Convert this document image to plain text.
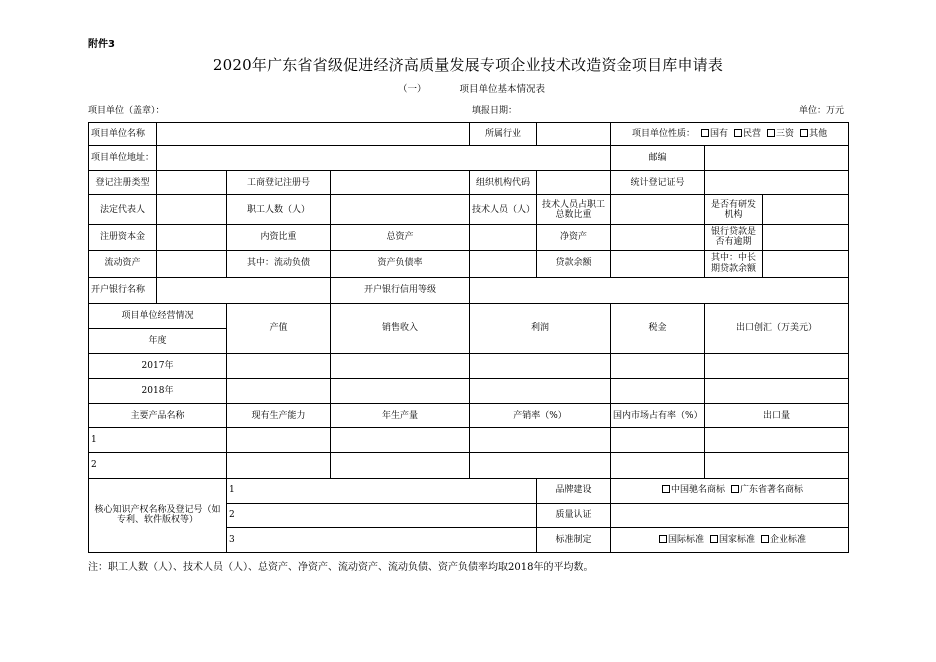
附件3
2020年广东省省级促进经济高质量发展专项企业技术改造资金项目库申请表
（一）	项目单位基本情况表
项目单位（盖章）：	填报日期：	单位：万元
项目单位名称				所属行业		项目单位性质： 国有 民营 三资 其他		
项目单位地址：						邮编		
登记注册类型		工商登记注册号		组织机构代码		统计登记证号		
法定代表人		职工人数（人）		技术人员（人）	技术人员占职工总数比重		是否有研发机构	
注册资本金		内资比重	总资产		净资产		银行贷款是否有逾期	
流动资产		其中：流动负债	资产负债率		贷款余额		其中：中长期贷款余额	
开户银行名称			开户银行信用等级					
项目单位经营情况		产值	销售收入	利润		税金	出口创汇（万美元）	
年度								
2017年								
2018年								
主要产品名称		现有生产能力	年生产量	产销率（%）		国内市场占有率（%）	出口量	
1								
2								
核心知识产权名称及登记号（如专利、软件版权等）		1			品牌建设	中国驰名商标 广东省著名商标		
		2			质量认证			
		3			标准制定	国际标准 国家标准 企业标准		
注：职工人数（人）、技术人员（人）、总资产、净资产、流动资产、流动负债、资产负债率均取2018年的平均数。
